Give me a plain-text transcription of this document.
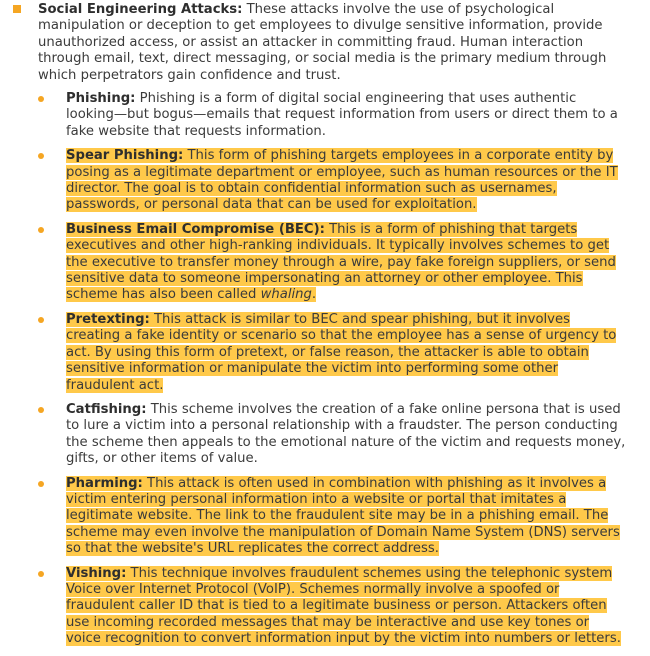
Social Engineering Attacks: These attacks involve the use of psychological manipulation or deception to get employees to divulge sensitive information, provide unauthorized access, or assist an attacker in committing fraud. Human interaction through email, text, direct messaging, or social media is the primary medium through which perpetrators gain confidence and trust.
Phishing: Phishing is a form of digital social engineering that uses authentic looking—but bogus—emails that request information from users or direct them to a fake website that requests information.
Spear Phishing: This form of phishing targets employees in a corporate entity by posing as a legitimate department or employee, such as human resources or the IT director. The goal is to obtain confidential information such as usernames, passwords, or personal data that can be used for exploitation.
Business Email Compromise (BEC): This is a form of phishing that targets executives and other high-ranking individuals. It typically involves schemes to get the executive to transfer money through a wire, pay fake foreign suppliers, or send sensitive data to someone impersonating an attorney or other employee. This scheme has also been called whaling.
Pretexting: This attack is similar to BEC and spear phishing, but it involves creating a fake identity or scenario so that the employee has a sense of urgency to act. By using this form of pretext, or false reason, the attacker is able to obtain sensitive information or manipulate the victim into performing some other fraudulent act.
Catfishing: This scheme involves the creation of a fake online persona that is used to lure a victim into a personal relationship with a fraudster. The person conducting the scheme then appeals to the emotional nature of the victim and requests money, gifts, or other items of value.
Pharming: This attack is often used in combination with phishing as it involves a victim entering personal information into a website or portal that imitates a legitimate website. The link to the fraudulent site may be in a phishing email. The scheme may even involve the manipulation of Domain Name System (DNS) servers so that the website's URL replicates the correct address.
Vishing: This technique involves fraudulent schemes using the telephonic system Voice over Internet Protocol (VoIP). Schemes normally involve a spoofed or fraudulent caller ID that is tied to a legitimate business or person. Attackers often use incoming recorded messages that may be interactive and use key tones or voice recognition to convert information input by the victim into numbers or letters.
